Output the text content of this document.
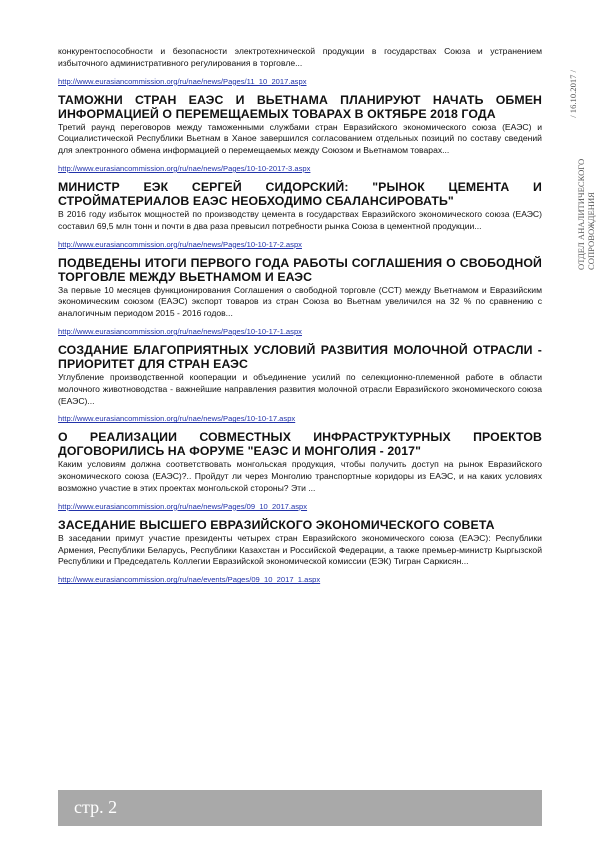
конкурентоспособности и безопасности электротехнической продукции в государствах Союза и устранением избыточного административного регулирования в торговле...

http://www.eurasiancommission.org/ru/nae/news/Pages/11_10_2017.aspx
ТАМОЖНИ СТРАН ЕАЭС И ВЬЕТНАМА ПЛАНИРУЮТ НАЧАТЬ ОБМЕН ИНФОРМАЦИЕЙ О ПЕРЕМЕЩАЕМЫХ ТОВАРАХ В ОКТЯБРЕ 2018 ГОДА

Третий раунд переговоров между таможенными службами стран Евразийского экономического союза (ЕАЭС) и Социалистической Республики Вьетнам в Ханое завершился согласованием отдельных позиций по составу сведений для электронного обмена информацией о перемещаемых между Союзом и Вьетнамом товарах...

http://www.eurasiancommission.org/ru/nae/news/Pages/10-10-2017-3.aspx
МИНИСТР ЕЭК СЕРГЕЙ СИДОРСКИЙ: "РЫНОК ЦЕМЕНТА И СТРОЙМАТЕРИАЛОВ ЕАЭС НЕОБХОДИМО СБАЛАНСИРОВАТЬ"

В 2016 году избыток мощностей по производству цемента в государствах Евразийского экономического союза (ЕАЭС) составил 69,5 млн тонн и почти в два раза превысил потребности рынка Союза в цементной продукции...

http://www.eurasiancommission.org/ru/nae/news/Pages/10-10-17-2.aspx
ПОДВЕДЕНЫ ИТОГИ ПЕРВОГО ГОДА РАБОТЫ СОГЛАШЕНИЯ О СВОБОДНОЙ ТОРГОВЛЕ МЕЖДУ ВЬЕТНАМОМ И ЕАЭС

За первые 10 месяцев функционирования Соглашения о свободной торговле (ССТ) между Вьетнамом и Евразийским экономическим союзом (ЕАЭС) экспорт товаров из стран Союза во Вьетнам увеличился на 32 % по сравнению с аналогичным периодом 2015 - 2016 годов...

http://www.eurasiancommission.org/ru/nae/news/Pages/10-10-17-1.aspx
СОЗДАНИЕ БЛАГОПРИЯТНЫХ УСЛОВИЙ РАЗВИТИЯ МОЛОЧНОЙ ОТРАСЛИ - ПРИОРИТЕТ ДЛЯ СТРАН ЕАЭС

Углубление производственной кооперации и объединение усилий по селекционно-племенной работе в области молочного животноводства - важнейшие направления развития молочной отрасли Евразийского экономического союза (ЕАЭС)...

http://www.eurasiancommission.org/ru/nae/news/Pages/10-10-17.aspx
О РЕАЛИЗАЦИИ СОВМЕСТНЫХ ИНФРАСТРУКТУРНЫХ ПРОЕКТОВ ДОГОВОРИЛИСЬ НА ФОРУМЕ "ЕАЭС И МОНГОЛИЯ - 2017"

Каким условиям должна соответствовать монгольская продукция, чтобы получить доступ на рынок Евразийского экономического союза (ЕАЭС)?.. Пройдут ли через Монголию транспортные коридоры из ЕАЭС, и на каких условиях возможно участие в этих проектах монгольской стороны? Эти ...

http://www.eurasiancommission.org/ru/nae/news/Pages/09_10_2017.aspx
ЗАСЕДАНИЕ ВЫСШЕГО ЕВРАЗИЙСКОГО ЭКОНОМИЧЕСКОГО СОВЕТА

В заседании примут участие президенты четырех стран Евразийского экономического союза (ЕАЭС): Республики Армения, Республики Беларусь, Республики Казахстан и Российской Федерации, а также премьер-министр Кыргызской Республики и Председатель Коллегии Евразийской экономической комиссии (ЕЭК) Тигран Саркисян...

http://www.eurasiancommission.org/ru/nae/events/Pages/09_10_2017_1.aspx
/ 16.10.2017 /
ОТДЕЛ АНАЛИТИЧЕСКОГО СОПРОВОЖДЕНИЯ
стр. 2
